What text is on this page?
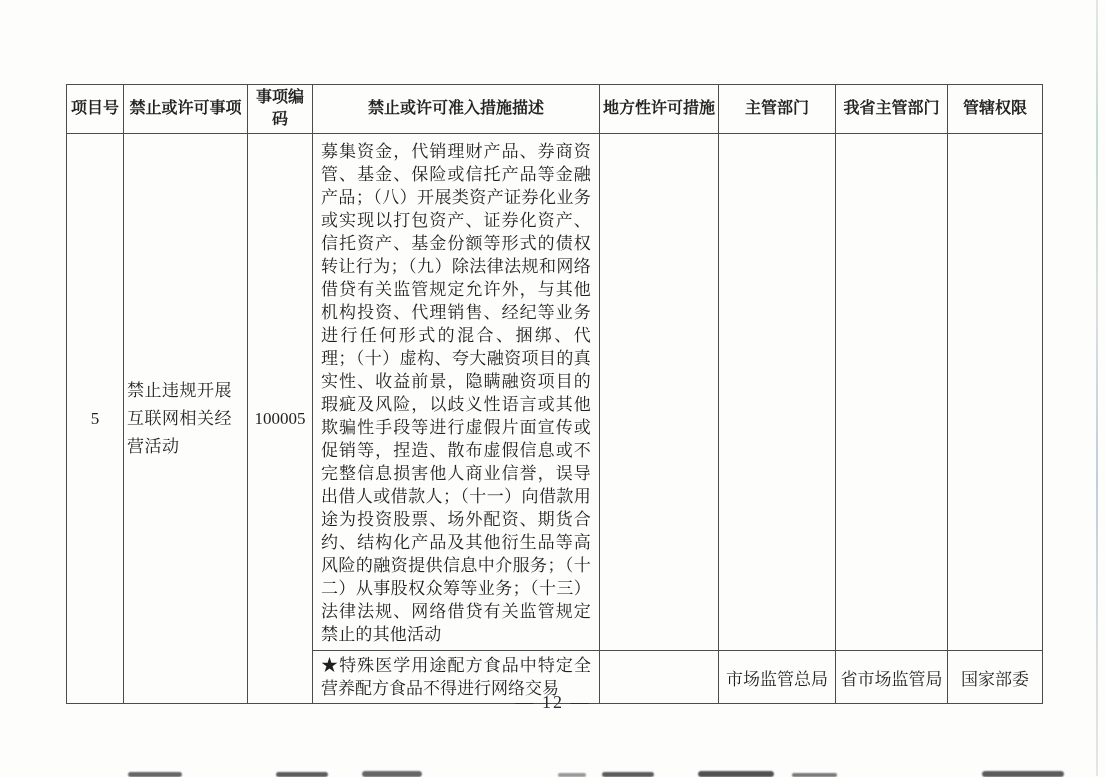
项目号	禁止或许可事项	事项编码	禁止或许可准入措施描述	地方性许可措施	主管部门	我省主管部门	管辖权限
5	禁止违规开展互联网相关经营活动	100005	募集资金，代销理财产品、券商资管、基金、保险或信托产品等金融产品；（八）开展类资产证券化业务或实现以打包资产、证券化资产、信托资产、基金份额等形式的债权转让行为；（九）除法律法规和网络借贷有关监管规定允许外，与其他机构投资、代理销售、经纪等业务进行任何形式的混合、捆绑、代理；（十）虚构、夸大融资项目的真实性、收益前景，隐瞒融资项目的瑕疵及风险，以歧义性语言或其他欺骗性手段等进行虚假片面宣传或促销等，捏造、散布虚假信息或不完整信息损害他人商业信誉，误导出借人或借款人；（十一）向借款用途为投资股票、场外配资、期货合约、结构化产品及其他衍生品等高风险的融资提供信息中介服务；（十二）从事股权众筹等业务；（十三）法律法规、网络借贷有关监管规定禁止的其他活动				
			★特殊医学用途配方食品中特定全营养配方食品不得进行网络交易		市场监管总局	省市场监管局	国家部委
— 12 —
